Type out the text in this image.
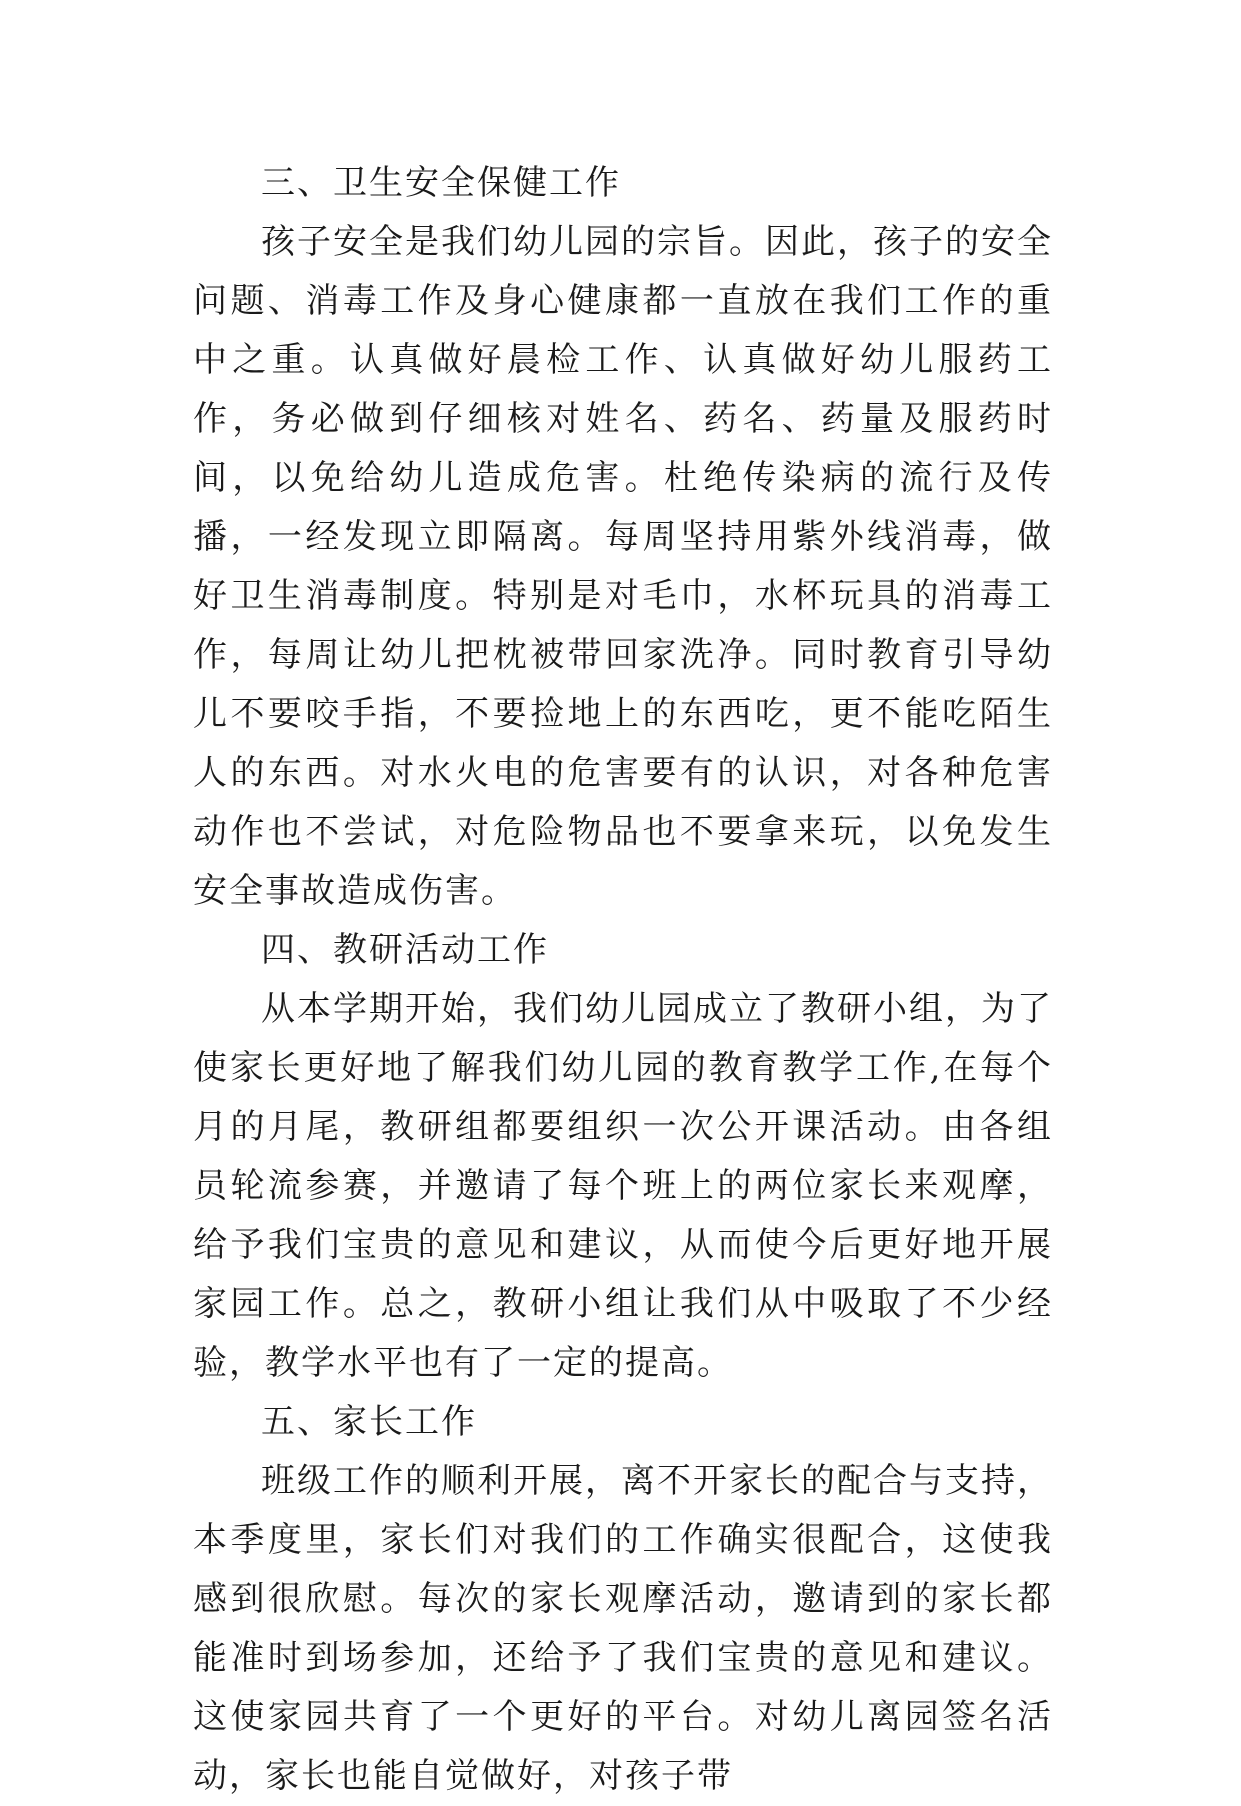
三、卫生安全保健工作

孩子安全是我们幼儿园的宗旨。因此，孩子的安全问题、消毒工作及身心健康都一直放在我们工作的重中之重。认真做好晨检工作、认真做好幼儿服药工作，务必做到仔细核对姓名、药名、药量及服药时间，以免给幼儿造成危害。杜绝传染病的流行及传播，一经发现立即隔离。每周坚持用紫外线消毒，做好卫生消毒制度。特别是对毛巾，水杯玩具的消毒工作，每周让幼儿把枕被带回家洗净。同时教育引导幼儿不要咬手指，不要捡地上的东西吃，更不能吃陌生人的东西。对水火电的危害要有的认识，对各种危害动作也不尝试，对危险物品也不要拿来玩，以免发生安全事故造成伤害。

四、教研活动工作

从本学期开始，我们幼儿园成立了教研小组，为了使家长更好地了解我们幼儿园的教育教学工作,在每个月的月尾，教研组都要组织一次公开课活动。由各组员轮流参赛，并邀请了每个班上的两位家长来观摩，给予我们宝贵的意见和建议，从而使今后更好地开展家园工作。总之，教研小组让我们从中吸取了不少经验，教学水平也有了一定的提高。

五、家长工作

班级工作的顺利开展，离不开家长的配合与支持，本季度里，家长们对我们的工作确实很配合，这使我感到很欣慰。每次的家长观摩活动，邀请到的家长都能准时到场参加，还给予了我们宝贵的意见和建议。这使家园共育了一个更好的平台。对幼儿离园签名活动，家长也能自觉做好，对孩子带
